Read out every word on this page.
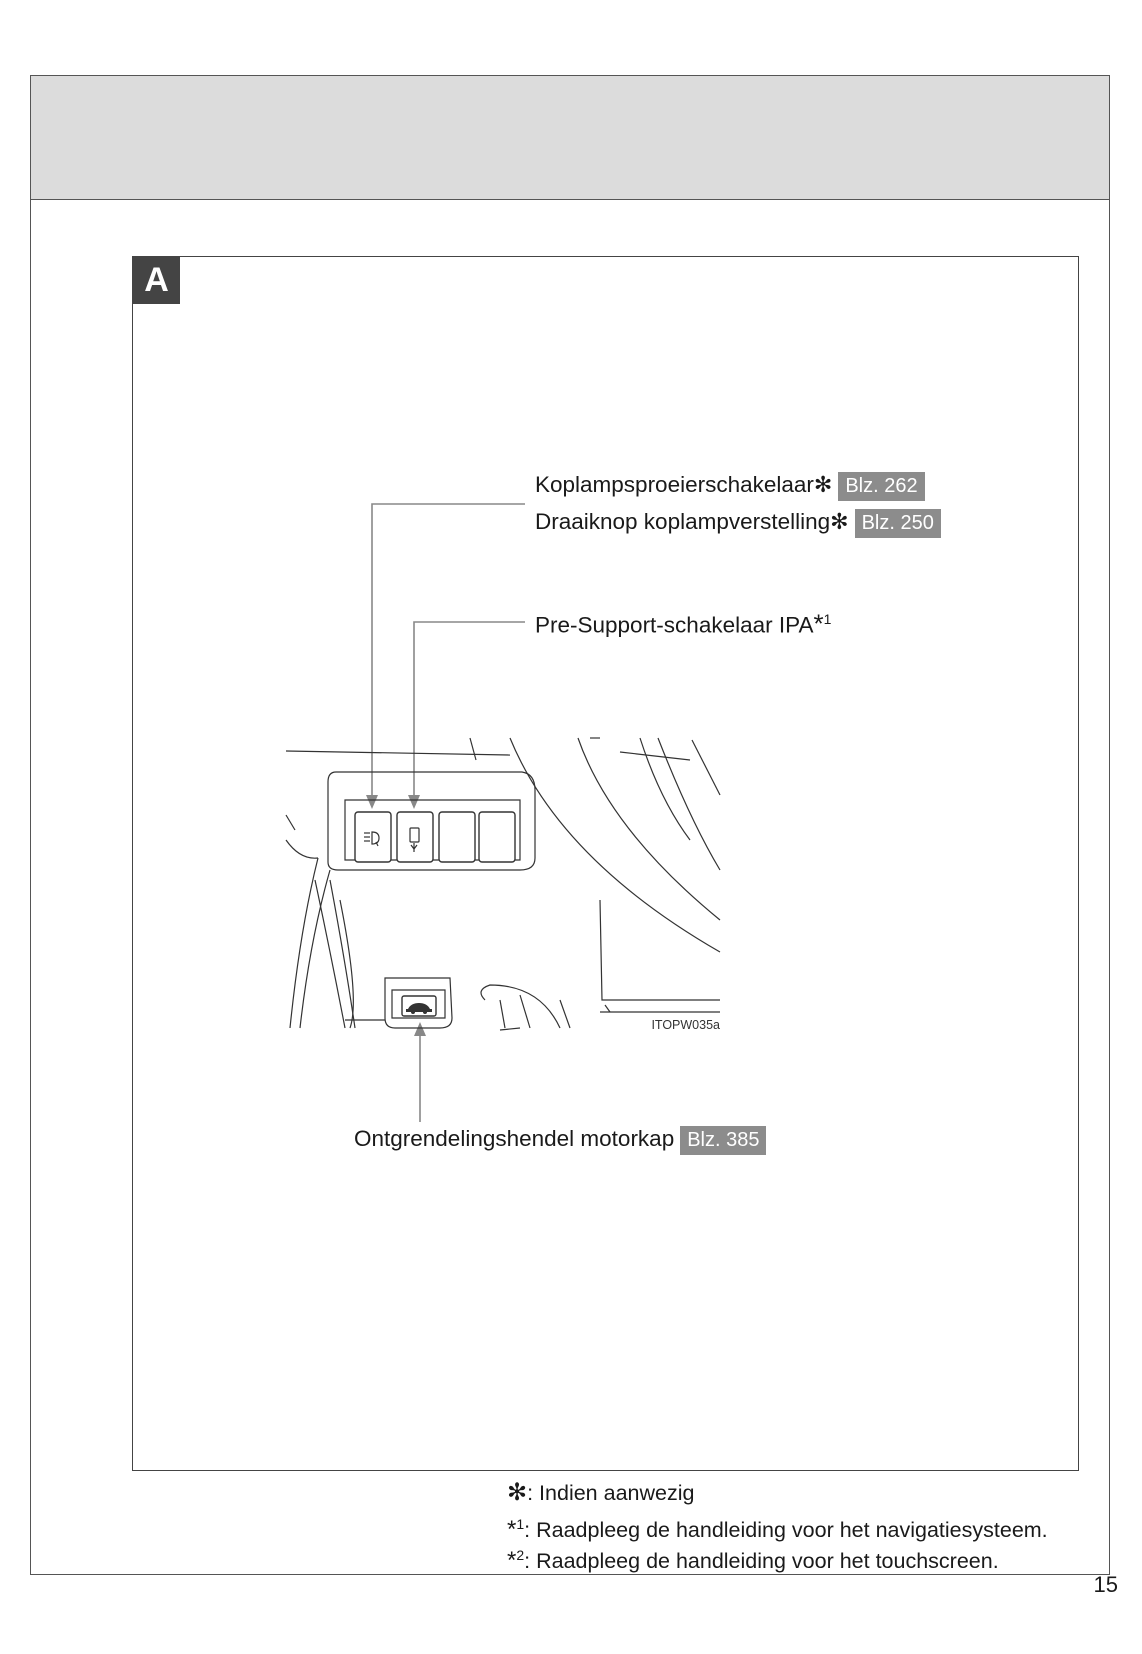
A
Koplampsproeierschakelaar✻ Blz. 262
Draaiknop koplampverstelling✻ Blz. 250
Pre-Support-schakelaar IPA*$^1$
Ontgrendelingshendel motorkap Blz. 385
ITOPW035a
✻: Indien aanwezig
*$^1$: Raadpleeg de handleiding voor het navigatiesysteem.
*$^2$: Raadpleeg de handleiding voor het touchscreen.
15
